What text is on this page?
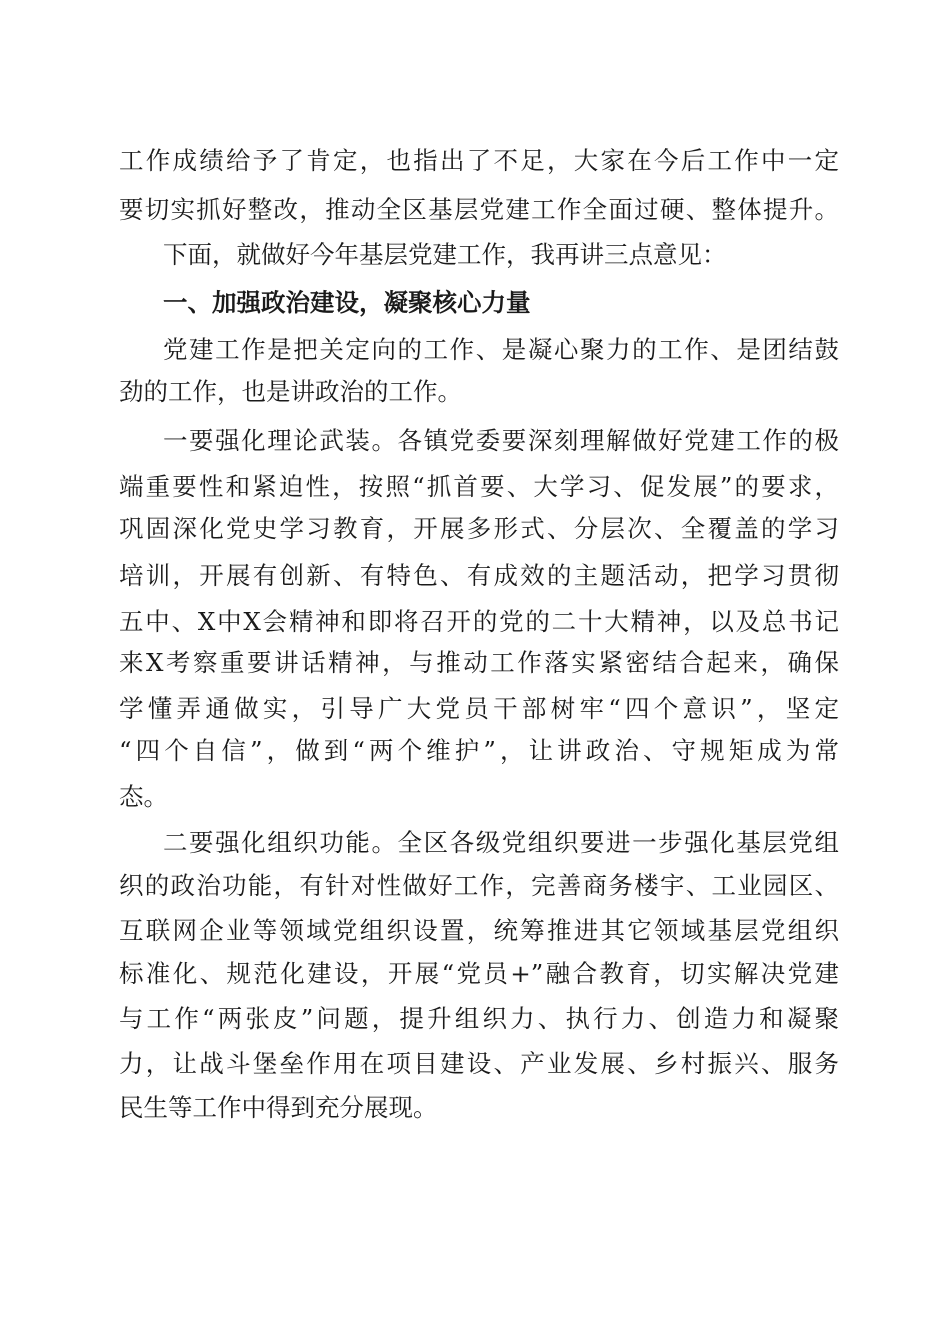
工作成绩给予了肯定，也指出了不足，大家在今后工作中一定
要切实抓好整改，推动全区基层党建工作全面过硬、整体提升。
下面，就做好今年基层党建工作，我再讲三点意见：
一、加强政治建设，凝聚核心力量
党建工作是把关定向的工作、是凝心聚力的工作、是团结鼓
劲的工作，也是讲政治的工作。
一要强化理论武装。各镇党委要深刻理解做好党建工作的极
端重要性和紧迫性，按照“抓首要、大学习、促发展”的要求，
巩固深化党史学习教育，开展多形式、分层次、全覆盖的学习
培训，开展有创新、有特色、有成效的主题活动，把学习贯彻
五中、X中X会精神和即将召开的党的二十大精神，以及总书记
来X考察重要讲话精神，与推动工作落实紧密结合起来，确保
学懂弄通做实，引导广大党员干部树牢“四个意识”，坚定
“四个自信”，做到“两个维护”，让讲政治、守规矩成为常
态。
二要强化组织功能。全区各级党组织要进一步强化基层党组
织的政治功能，有针对性做好工作，完善商务楼宇、工业园区、
互联网企业等领域党组织设置，统筹推进其它领域基层党组织
标准化、规范化建设，开展“党员+”融合教育，切实解决党建
与工作“两张皮”问题，提升组织力、执行力、创造力和凝聚
力，让战斗堡垒作用在项目建设、产业发展、乡村振兴、服务
民生等工作中得到充分展现。
